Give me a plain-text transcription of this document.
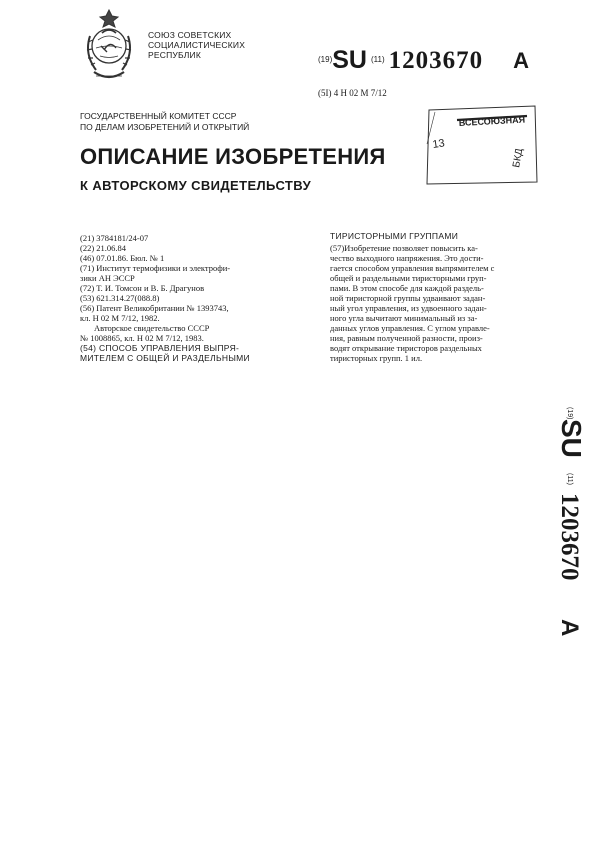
СОЮЗ СОВЕТСКИХ
СОЦИАЛИСТИЧЕСКИХ
РЕСПУБЛИК	$^{(19)}$SU $^{(11)}$ 1203670 A
(5I) 4 H 02 M 7/12
ГОСУДАРСТВЕННЫЙ КОМИТЕТ СССР
ПО ДЕЛАМ ИЗОБРЕТЕНИЙ И ОТКРЫТИЙ	ВСЕСОЮЗНАЯ
13
БКД
ОПИСАНИЕ ИЗОБРЕТЕНИЯ
К АВТОРСКОМУ СВИДЕТЕЛЬСТВУ
(21) 3784181/24-07
(22) 21.06.84
(46) 07.01.86. Бюл. № 1
(71) Институт термофизики и электрофи-
зики АН ЭССР
(72) Т. И. Томсон и В. Б. Драгунов
(53) 621.314.27(088.8)
(56) Патент Великобритании № 1393743,
кл. H 02 M 7/12, 1982.
Авторское свидетельство СССР
№ 1008865, кл. H 02 M 7/12, 1983.
(54) СПОСОБ УПРАВЛЕНИЯ ВЫПРЯ-
МИТЕЛЕМ С ОБЩЕЙ И РАЗДЕЛЬНЫМИ
ТИРИСТОРНЫМИ ГРУППАМИ
(57)Изобретение позволяет повысить ка-
чество выходного напряжения. Это дости-
гается способом управления выпрямителем с
общей и раздельными тиристорными груп-
пами. В этом способе для каждой раздель-
ной тиристорной группы удваивают задан-
ный угол управления, из удвоенного задан-
ного угла вычитают минимальный из за-
данных углов управления. С углом управле-
ния, равным полученной разности, произ-
водят открывание тиристоров раздельных
тиристорных групп. 1 ил.
(19)
SU
(11)
1203670
A
